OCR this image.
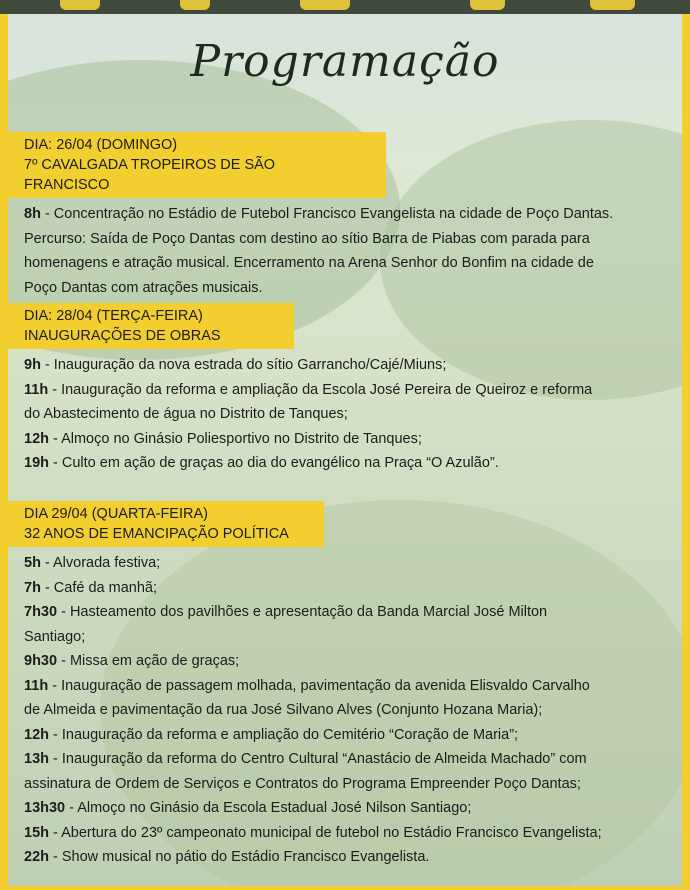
Programação
DIA: 26/04 (DOMINGO)
7º CAVALGADA TROPEIROS DE SÃO FRANCISCO
8h - Concentração no Estádio de Futebol Francisco Evangelista na cidade de Poço Dantas.
Percurso: Saída de Poço Dantas com destino ao sítio Barra de Piabas com parada para
homenagens e atração musical. Encerramento na Arena Senhor do Bonfim na cidade de
Poço Dantas com atrações musicais.
DIA: 28/04 (TERÇA-FEIRA)
INAUGURAÇÕES DE OBRAS
9h - Inauguração da nova estrada do sítio Garrancho/Cajé/Miuns;
11h - Inauguração da reforma e ampliação da Escola José Pereira de Queiroz e reforma
do Abastecimento de água no Distrito de Tanques;
12h - Almoço no Ginásio Poliesportivo no Distrito de Tanques;
19h - Culto em ação de graças ao dia do evangélico na Praça “O Azulão”.
DIA 29/04 (QUARTA-FEIRA)
32 ANOS DE EMANCIPAÇÃO POLÍTICA
5h - Alvorada festiva;
7h - Café da manhã;
7h30 - Hasteamento dos pavilhões e apresentação da Banda Marcial José Milton
Santiago;
9h30 - Missa em ação de graças;
11h - Inauguração de passagem molhada, pavimentação da avenida Elisvaldo Carvalho
de Almeida e pavimentação da rua José Silvano Alves (Conjunto Hozana Maria);
12h - Inauguração da reforma e ampliação do Cemitério “Coração de Maria”;
13h - Inauguração da reforma do Centro Cultural “Anastácio de Almeida Machado” com
assinatura de Ordem de Serviços e Contratos do Programa Empreender Poço Dantas;
13h30 - Almoço no Ginásio da Escola Estadual José Nilson Santiago;
15h - Abertura do 23º campeonato municipal de futebol no Estádio Francisco Evangelista;
22h - Show musical no pátio do Estádio Francisco Evangelista.
